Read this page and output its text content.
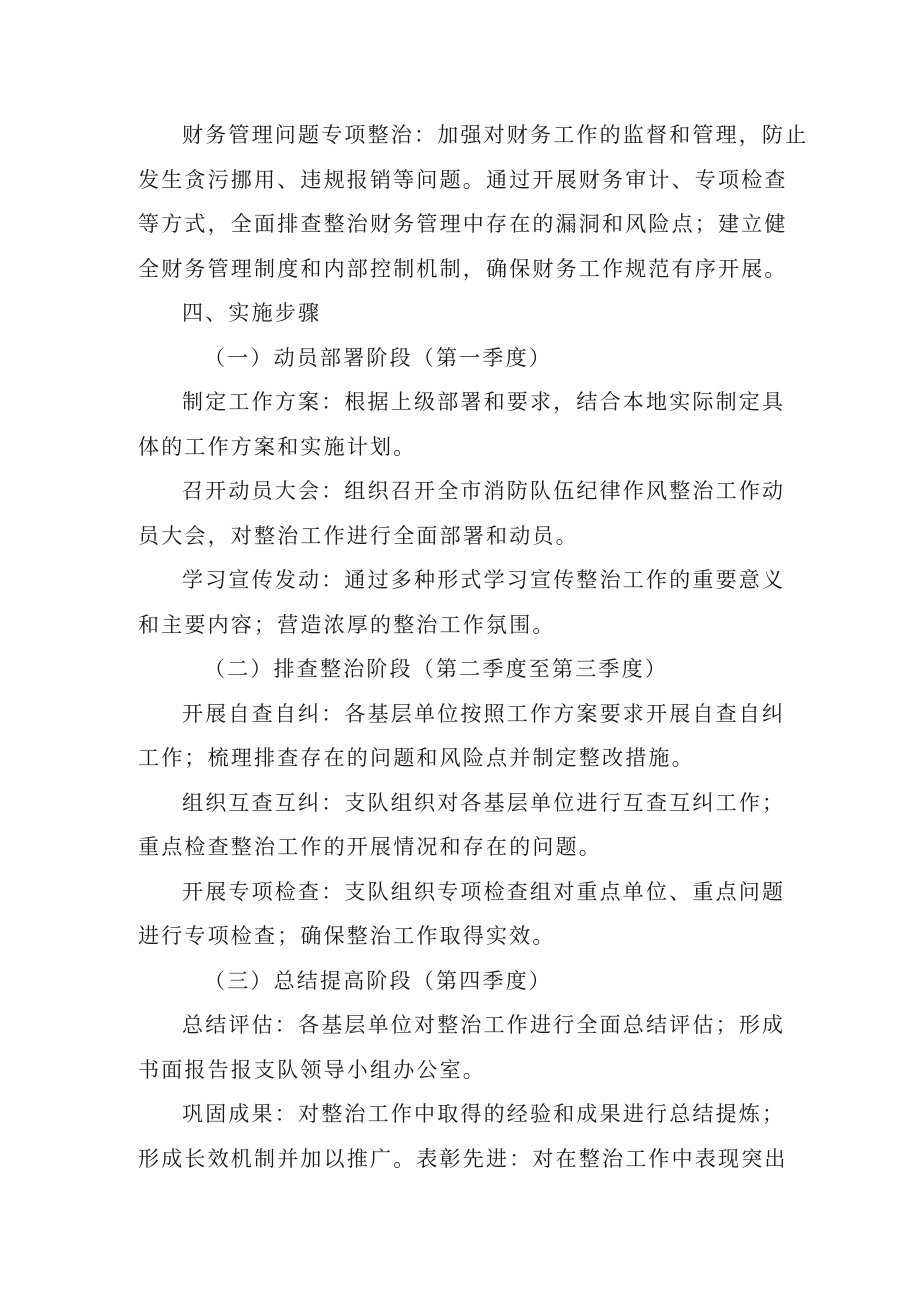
财务管理问题专项整治：加强对财务工作的监督和管理，防止
发生贪污挪用、违规报销等问题。通过开展财务审计、专项检查
等方式，全面排查整治财务管理中存在的漏洞和风险点；建立健
全财务管理制度和内部控制机制，确保财务工作规范有序开展。
四、实施步骤
（一）动员部署阶段（第一季度）
制定工作方案：根据上级部署和要求，结合本地实际制定具
体的工作方案和实施计划。
召开动员大会：组织召开全市消防队伍纪律作风整治工作动
员大会，对整治工作进行全面部署和动员。
学习宣传发动：通过多种形式学习宣传整治工作的重要意义
和主要内容；营造浓厚的整治工作氛围。
（二）排查整治阶段（第二季度至第三季度）
开展自查自纠：各基层单位按照工作方案要求开展自查自纠
工作；梳理排查存在的问题和风险点并制定整改措施。
组织互查互纠：支队组织对各基层单位进行互查互纠工作；
重点检查整治工作的开展情况和存在的问题。
开展专项检查：支队组织专项检查组对重点单位、重点问题
进行专项检查；确保整治工作取得实效。
（三）总结提高阶段（第四季度）
总结评估：各基层单位对整治工作进行全面总结评估；形成
书面报告报支队领导小组办公室。
巩固成果：对整治工作中取得的经验和成果进行总结提炼；
形成长效机制并加以推广。表彰先进：对在整治工作中表现突出
